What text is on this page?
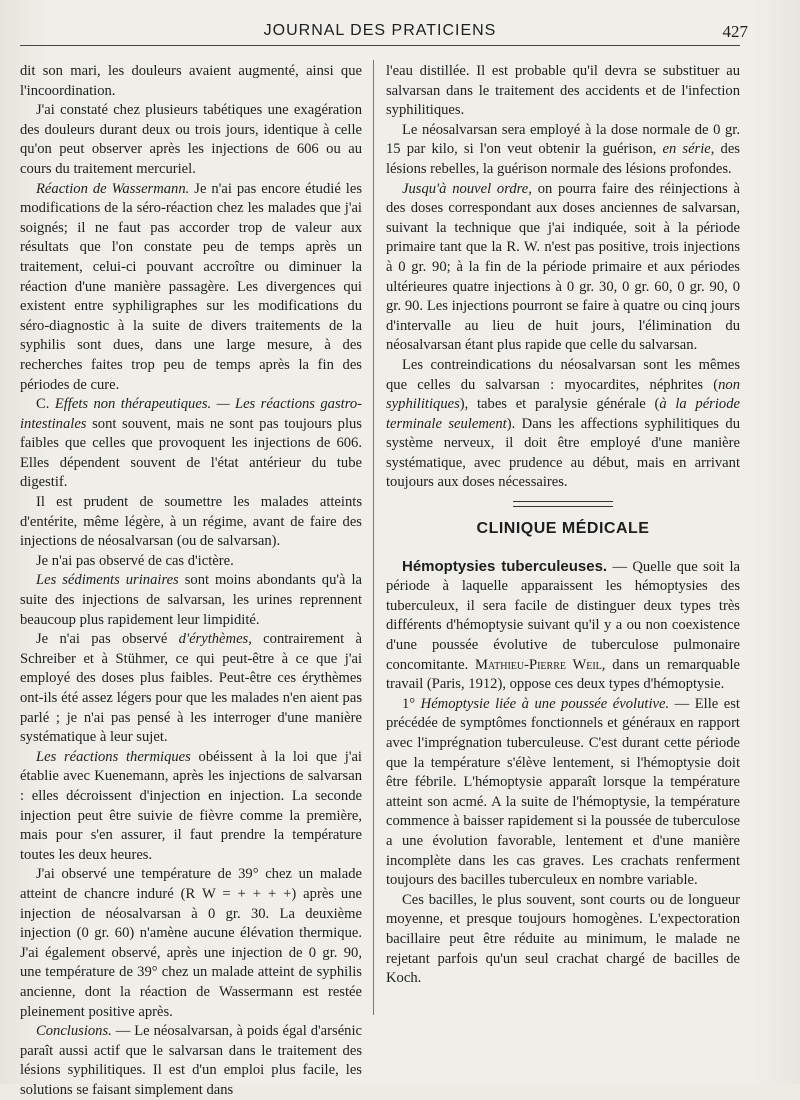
JOURNAL DES PRATICIENS	427

dit son mari, les douleurs avaient augmenté, ainsi que l'incoordination.

J'ai constaté chez plusieurs tabétiques une exagération des douleurs durant deux ou trois jours, identique à celle qu'on peut observer après les injections de 606 ou au cours du traitement mercuriel.

Réaction de Wassermann. Je n'ai pas encore étudié les modifications de la séro-réaction chez les malades que j'ai soignés; il ne faut pas accorder trop de valeur aux résultats que l'on constate peu de temps après un traitement, celui-ci pouvant accroître ou diminuer la réaction d'une manière passagère. Les divergences qui existent entre syphiligraphes sur les modifications du séro-diagnostic à la suite de divers traitements de la syphilis sont dues, dans une large mesure, à des recherches faites trop peu de temps après la fin des périodes de cure.

C. Effets non thérapeutiques. — Les réactions gastro-intestinales sont souvent, mais ne sont pas toujours plus faibles que celles que provoquent les injections de 606. Elles dépendent souvent de l'état antérieur du tube digestif.

Il est prudent de soumettre les malades atteints d'entérite, même légère, à un régime, avant de faire des injections de néosalvarsan (ou de salvarsan).

Je n'ai pas observé de cas d'ictère.

Les sédiments urinaires sont moins abondants qu'à la suite des injections de salvarsan, les urines reprennent beaucoup plus rapidement leur limpidité.

Je n'ai pas observé d'érythèmes, contrairement à Schreiber et à Stühmer, ce qui peut-être à ce que j'ai employé des doses plus faibles. Peut-être ces érythèmes ont-ils été assez légers pour que les malades n'en aient pas parlé ; je n'ai pas pensé à les interroger d'une manière systématique à leur sujet.

Les réactions thermiques obéissent à la loi que j'ai établie avec Kuenemann, après les injections de salvarsan : elles décroissent d'injection en injection. La seconde injection peut être suivie de fièvre comme la première, mais pour s'en assurer, il faut prendre la température toutes les deux heures.

J'ai observé une température de 39° chez un malade atteint de chancre induré (R W = + + + +) après une injection de néosalvarsan à 0 gr. 30. La deuxième injection (0 gr. 60) n'amène aucune élévation thermique. J'ai également observé, après une injection de 0 gr. 90, une température de 39° chez un malade atteint de syphilis ancienne, dont la réaction de Wassermann est restée pleinement positive après.

Conclusions. — Le néosalvarsan, à poids égal d'arsénic paraît aussi actif que le salvarsan dans le traitement des lésions syphilitiques. Il est d'un emploi plus facile, les solutions se faisant simplement dans

l'eau distillée. Il est probable qu'il devra se substituer au salvarsan dans le traitement des accidents et de l'infection syphilitiques.

Le néosalvarsan sera employé à la dose normale de 0 gr. 15 par kilo, si l'on veut obtenir la guérison, en série, des lésions rebelles, la guérison normale des lésions profondes.

Jusqu'à nouvel ordre, on pourra faire des réinjections à des doses correspondant aux doses anciennes de salvarsan, suivant la technique que j'ai indiquée, soit à la période primaire tant que la R. W. n'est pas positive, trois injections à 0 gr. 90; à la fin de la période primaire et aux périodes ultérieures quatre injections à 0 gr. 30, 0 gr. 60, 0 gr. 90, 0 gr. 90. Les injections pourront se faire à quatre ou cinq jours d'intervalle au lieu de huit jours, l'élimination du néosalvarsan étant plus rapide que celle du salvarsan.

Les contreindications du néosalvarsan sont les mêmes que celles du salvarsan : myocardites, néphrites (non syphilitiques), tabes et paralysie générale (à la période terminale seulement). Dans les affections syphilitiques du système nerveux, il doit être employé d'une manière systématique, avec prudence au début, mais en arrivant toujours aux doses nécessaires.

CLINIQUE MÉDICALE

Hémoptysies tuberculeuses. — Quelle que soit la période à laquelle apparaissent les hémoptysies des tuberculeux, il sera facile de distinguer deux types très différents d'hémoptysie suivant qu'il y a ou non coexistence d'une poussée évolutive de tuberculose pulmonaire concomitante. Mathieu-Pierre Weil, dans un remarquable travail (Paris, 1912), oppose ces deux types d'hémoptysie.

1° Hémoptysie liée à une poussée évolutive. — Elle est précédée de symptômes fonctionnels et généraux en rapport avec l'imprégnation tuberculeuse. C'est durant cette période que la température s'élève lentement, si l'hémoptysie doit être fébrile. L'hémoptysie apparaît lorsque la température atteint son acmé. A la suite de l'hémoptysie, la température commence à baisser rapidement si la poussée de tuberculose a une évolution favorable, lentement et d'une manière incomplète dans les cas graves. Les crachats renferment toujours des bacilles tuberculeux en nombre variable.

Ces bacilles, le plus souvent, sont courts ou de longueur moyenne, et presque toujours homogènes. L'expectoration bacillaire peut être réduite au minimum, le malade ne rejetant parfois qu'un seul crachat chargé de bacilles de Koch.
